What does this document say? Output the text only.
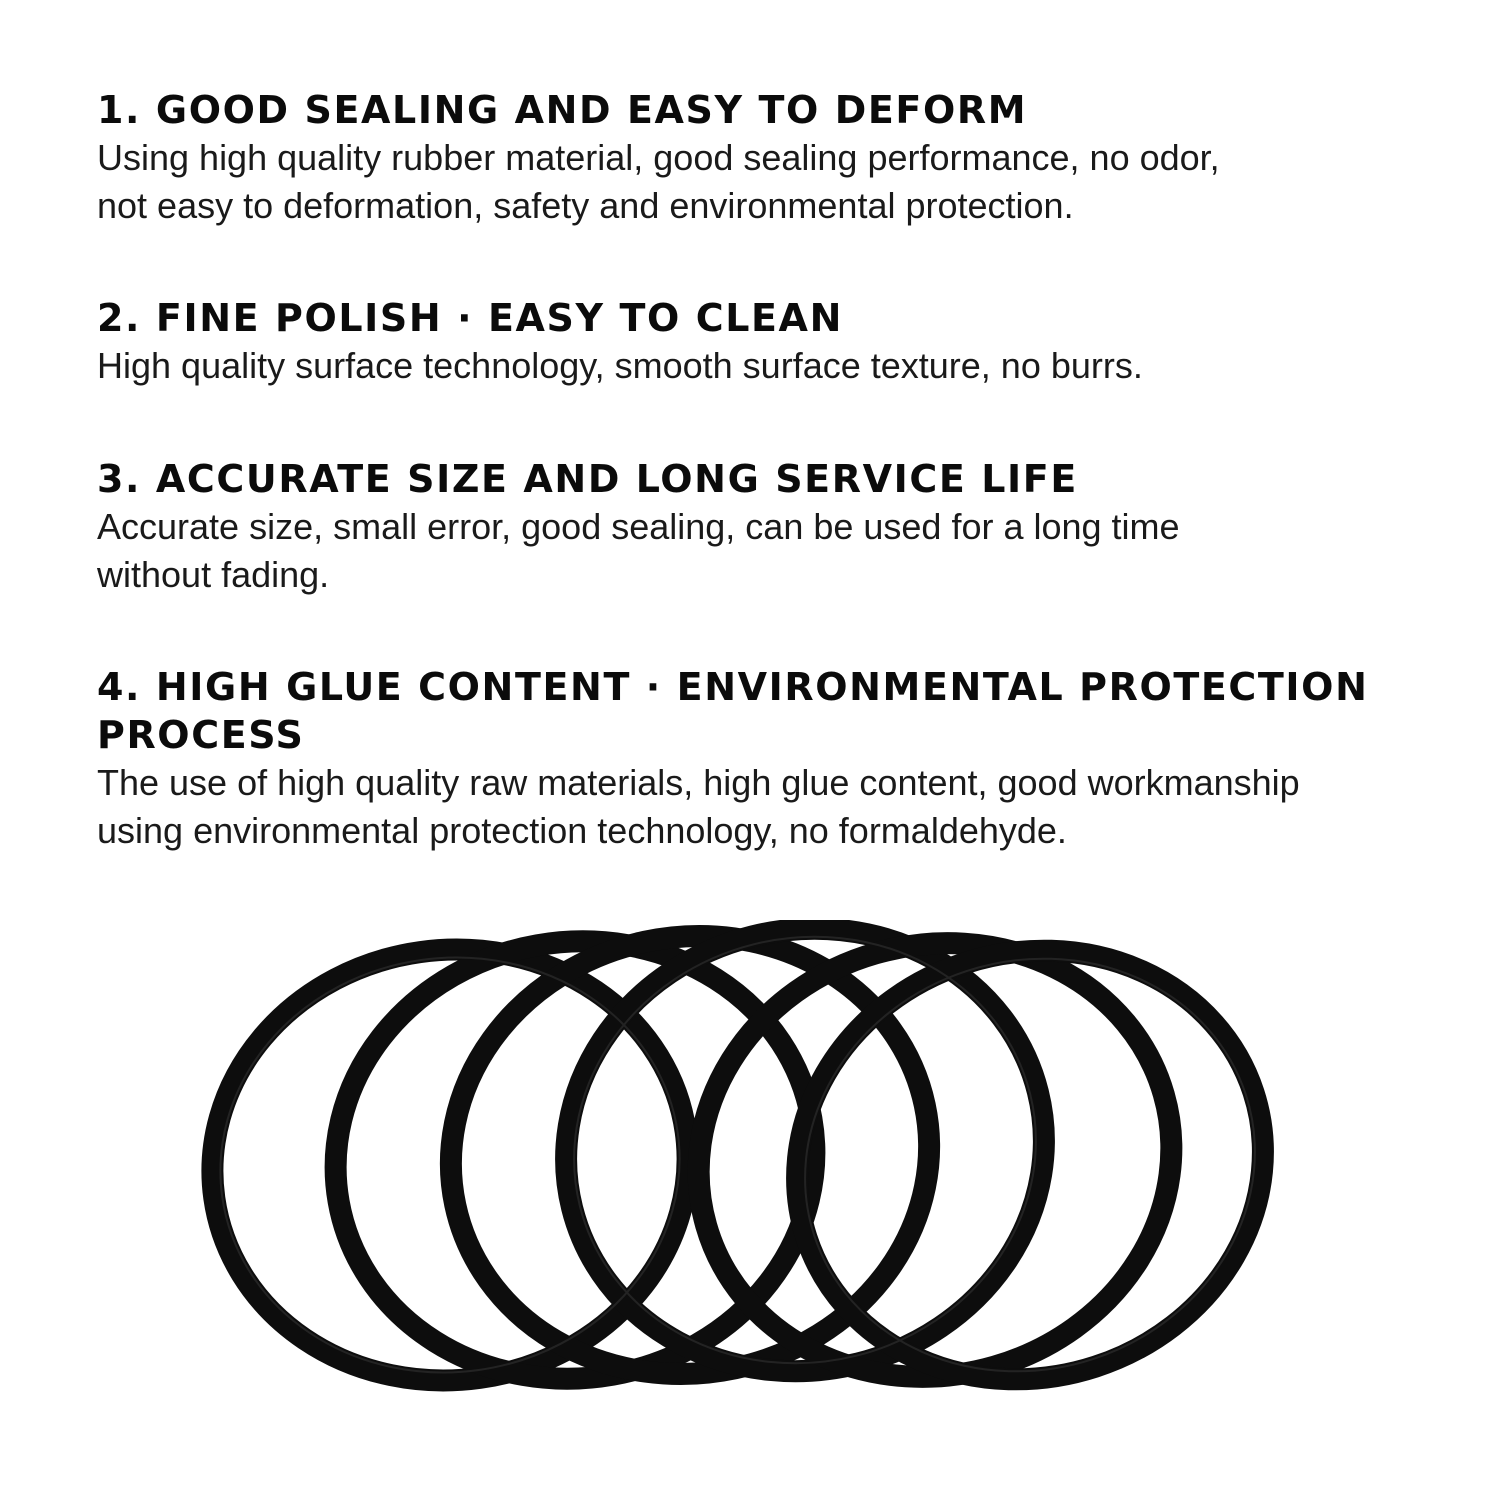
1. GOOD SEALING AND EASY TO DEFORM

Using high quality rubber material, good sealing performance, no odor,

not easy to deformation, safety and environmental protection.

2. FINE POLISH · EASY TO CLEAN

High quality surface technology, smooth surface texture, no burrs.

3. ACCURATE SIZE AND LONG SERVICE LIFE

Accurate size, small error, good sealing, can be used for a long time

without fading.

4. HIGH GLUE CONTENT · ENVIRONMENTAL PROTECTION

PROCESS

The use of high quality raw materials, high glue content, good workmanship

using environmental protection technology, no formaldehyde.
